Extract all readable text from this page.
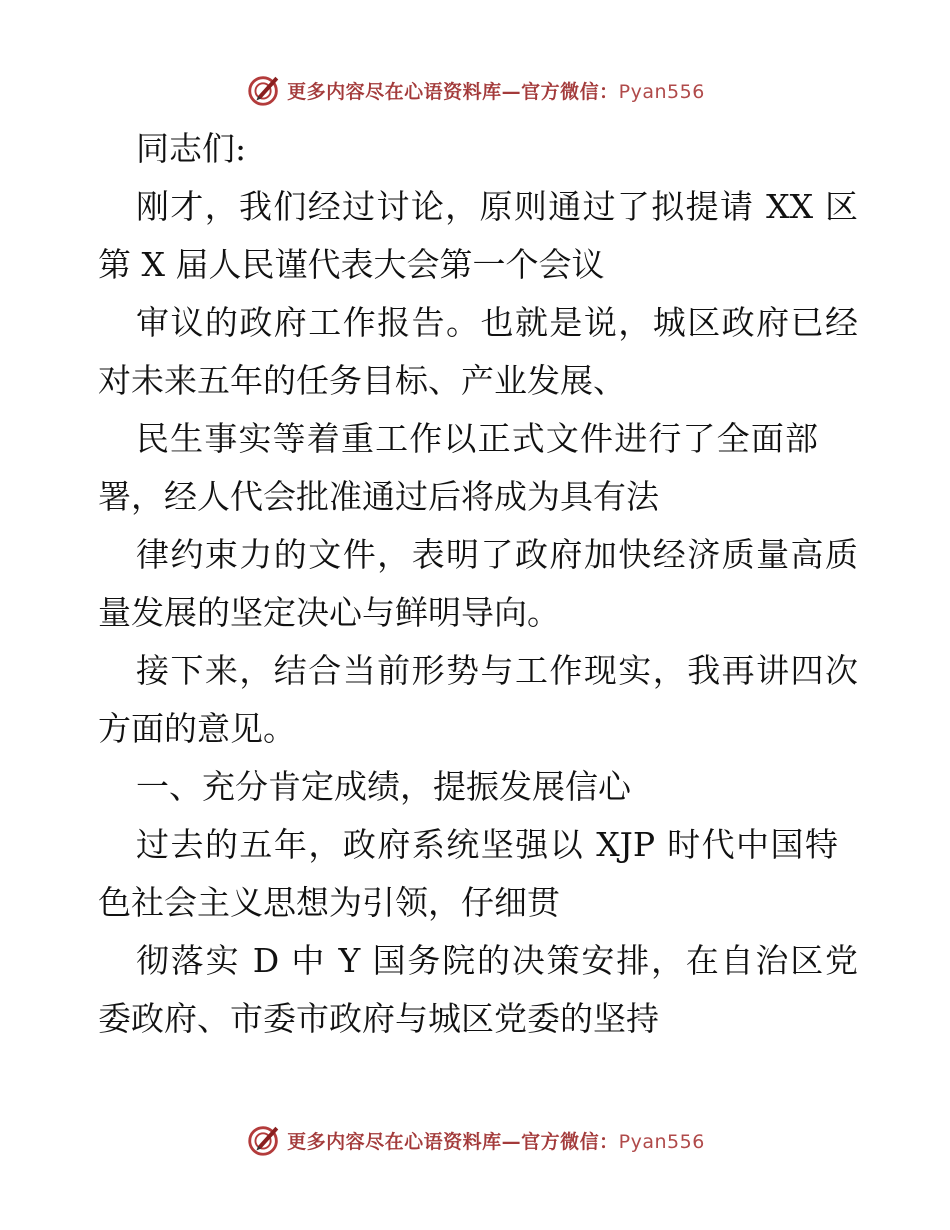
更多内容尽在心语资料库—官方微信：Pyan556
同志们:
刚才，我们经过讨论，原则通过了拟提请 XX 区
第 X 届人民谨代表大会第一个会议
审议的政府工作报告。也就是说，城区政府已经
对未来五年的任务目标、产业发展、
民生事实等着重工作以正式文件进行了全面部
署，经人代会批准通过后将成为具有法
律约束力的文件，表明了政府加快经济质量高质
量发展的坚定决心与鲜明导向。
接下来，结合当前形势与工作现实，我再讲四次
方面的意见。
一、充分肯定成绩，提振发展信心
过去的五年，政府系统坚强以 XJP 时代中国特
色社会主义思想为引领，仔细贯
彻落实 D 中 Y 国务院的决策安排，在自治区党
委政府、市委市政府与城区党委的坚持
更多内容尽在心语资料库—官方微信：Pyan556
